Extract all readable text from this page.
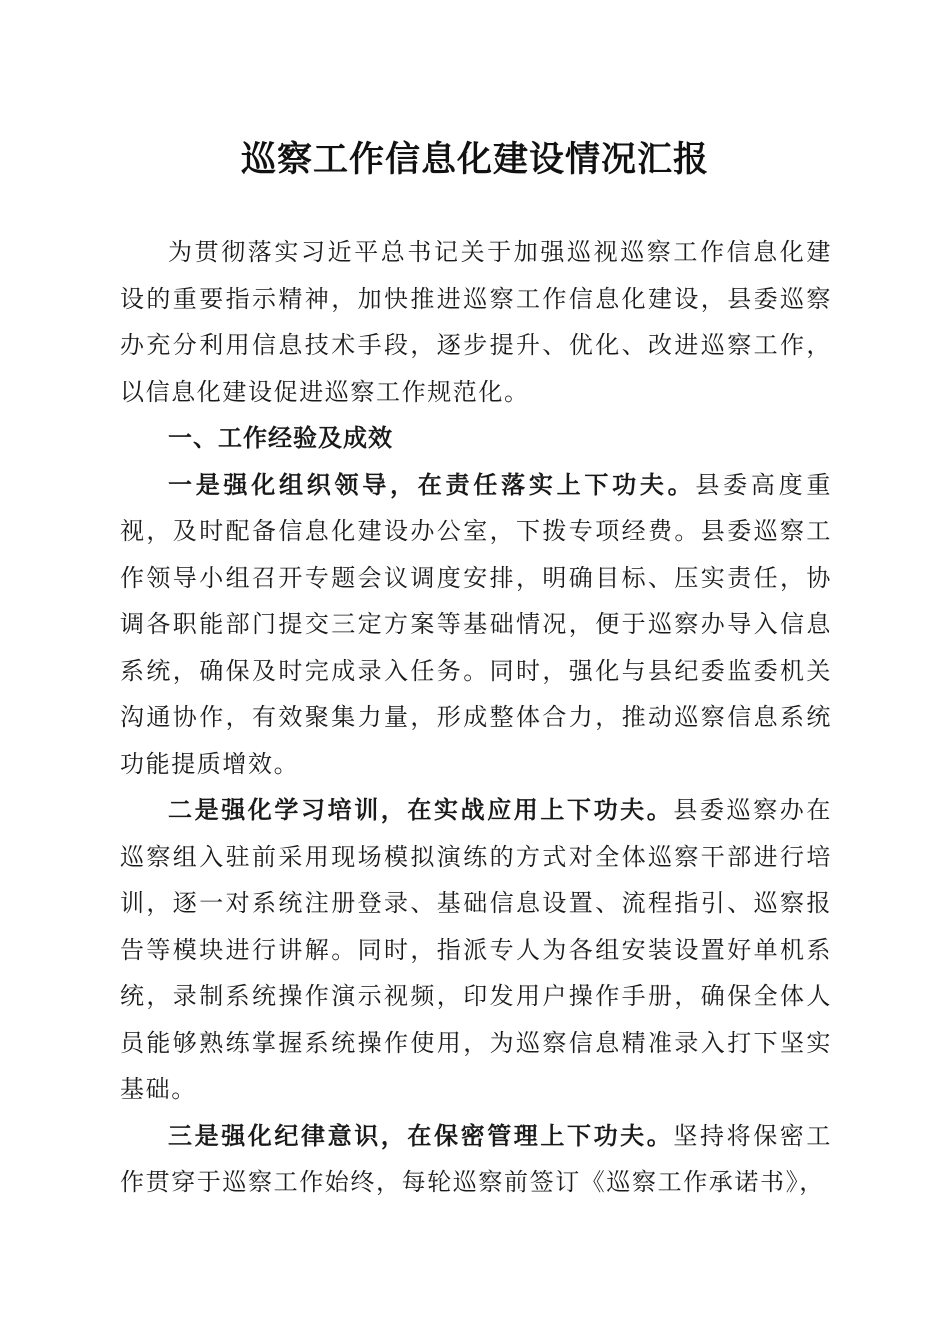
巡察工作信息化建设情况汇报

为贯彻落实习近平总书记关于加强巡视巡察工作信息化建设的重要指示精神，加快推进巡察工作信息化建设，县委巡察办充分利用信息技术手段，逐步提升、优化、改进巡察工作，以信息化建设促进巡察工作规范化。

一、工作经验及成效

一是强化组织领导，在责任落实上下功夫。县委高度重视，及时配备信息化建设办公室，下拨专项经费。县委巡察工作领导小组召开专题会议调度安排，明确目标、压实责任，协调各职能部门提交三定方案等基础情况，便于巡察办导入信息系统，确保及时完成录入任务。同时，强化与县纪委监委机关沟通协作，有效聚集力量，形成整体合力，推动巡察信息系统功能提质增效。

二是强化学习培训，在实战应用上下功夫。县委巡察办在巡察组入驻前采用现场模拟演练的方式对全体巡察干部进行培训，逐一对系统注册登录、基础信息设置、流程指引、巡察报告等模块进行讲解。同时，指派专人为各组安装设置好单机系统，录制系统操作演示视频，印发用户操作手册，确保全体人员能够熟练掌握系统操作使用，为巡察信息精准录入打下坚实基础。

三是强化纪律意识，在保密管理上下功夫。坚持将保密工作贯穿于巡察工作始终，每轮巡察前签订《巡察工作承诺书》，
